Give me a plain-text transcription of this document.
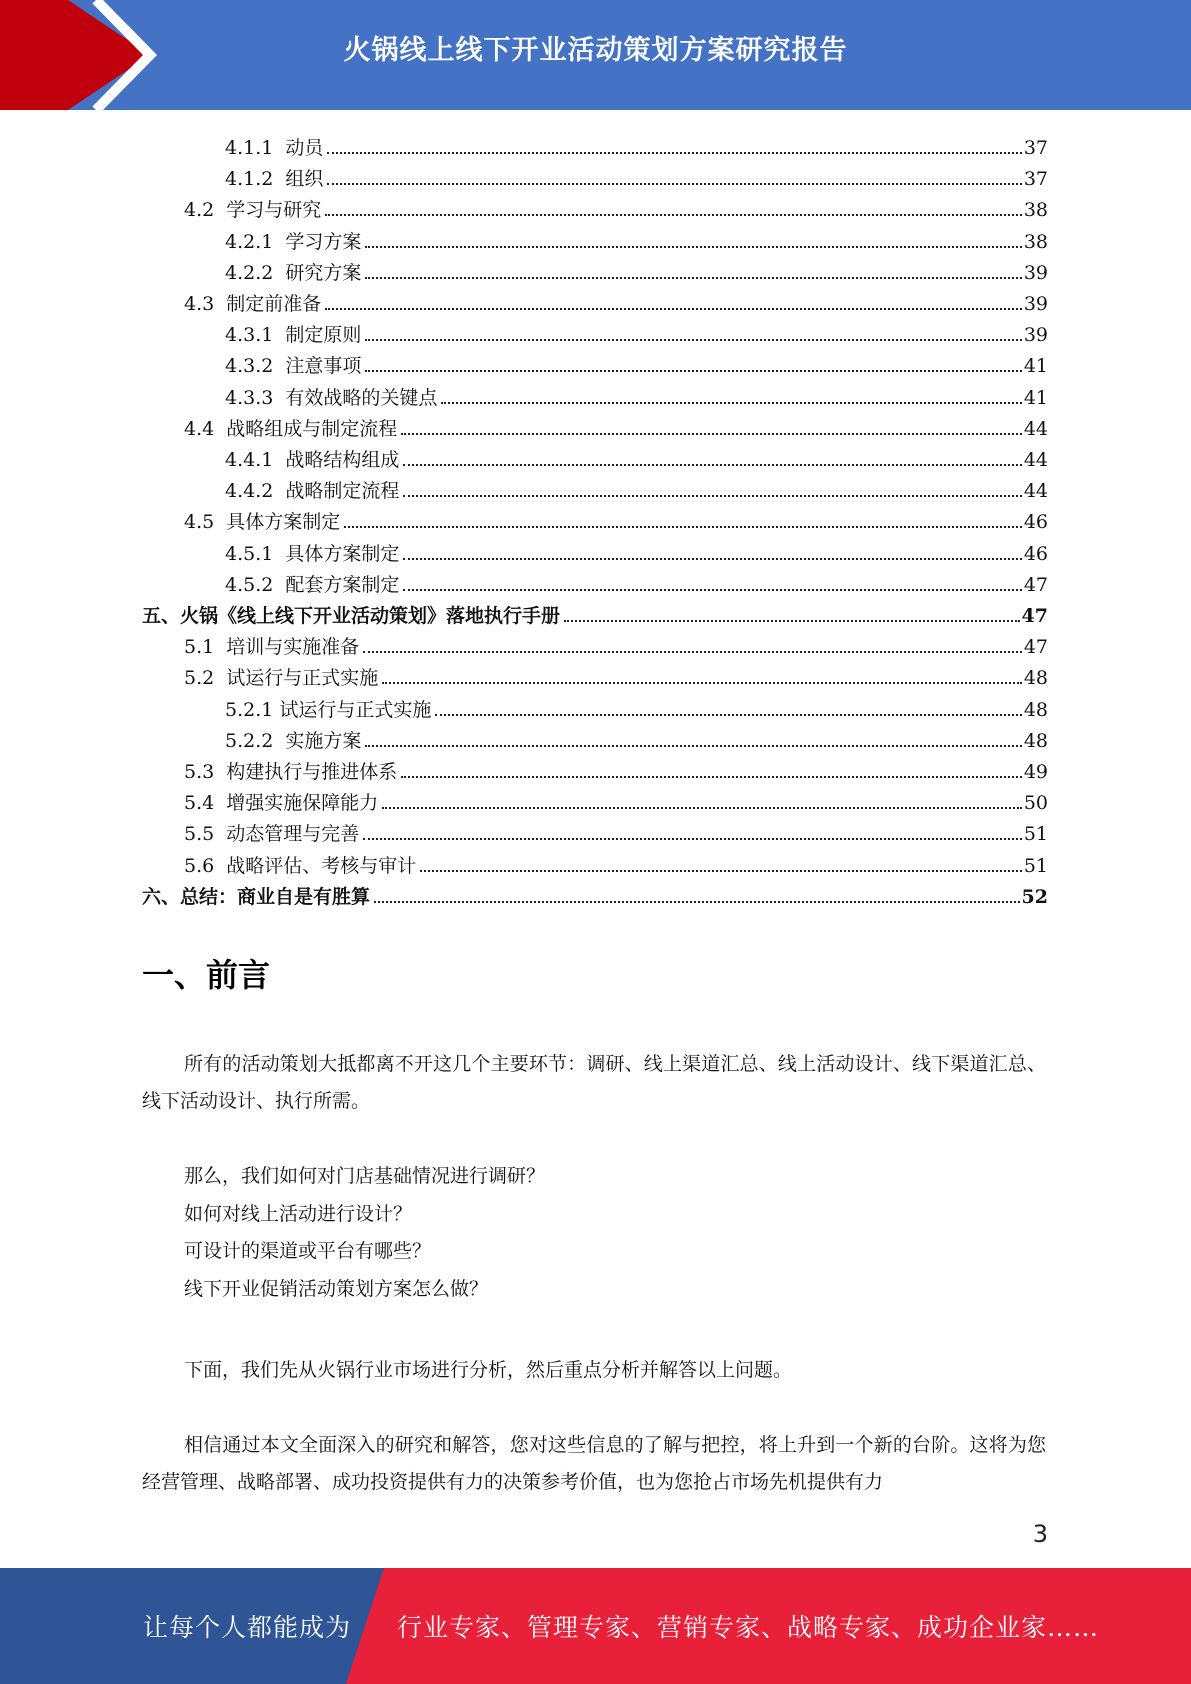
火锅线上线下开业活动策划方案研究报告
4.1.1  动员	37
4.1.2  组织	37
4.2  学习与研究	38
4.2.1  学习方案	38
4.2.2  研究方案	39
4.3  制定前准备	39
4.3.1  制定原则	39
4.3.2  注意事项	41
4.3.3  有效战略的关键点	41
4.4  战略组成与制定流程	44
4.4.1  战略结构组成	44
4.4.2  战略制定流程	44
4.5  具体方案制定	46
4.5.1  具体方案制定	46
4.5.2  配套方案制定	47
五、火锅《线上线下开业活动策划》落地执行手册	47
5.1  培训与实施准备	47
5.2  试运行与正式实施	48
5.2.1 试运行与正式实施	48
5.2.2  实施方案	48
5.3  构建执行与推进体系	49
5.4  增强实施保障能力	50
5.5  动态管理与完善	51
5.6  战略评估、考核与审计	51
六、总结：商业自是有胜算	52
一、前言
所有的活动策划大抵都离不开这几个主要环节：调研、线上渠道汇总、线上活动设计、线下渠道汇总、线下活动设计、执行所需。
那么，我们如何对门店基础情况进行调研？
如何对线上活动进行设计？
可设计的渠道或平台有哪些？
线下开业促销活动策划方案怎么做？
下面，我们先从火锅行业市场进行分析，然后重点分析并解答以上问题。
相信通过本文全面深入的研究和解答，您对这些信息的了解与把控，将上升到一个新的台阶。这将为您经营管理、战略部署、成功投资提供有力的决策参考价值，也为您抢占市场先机提供有力
3
让每个人都能成为 行业专家、管理专家、营销专家、战略专家、成功企业家……
